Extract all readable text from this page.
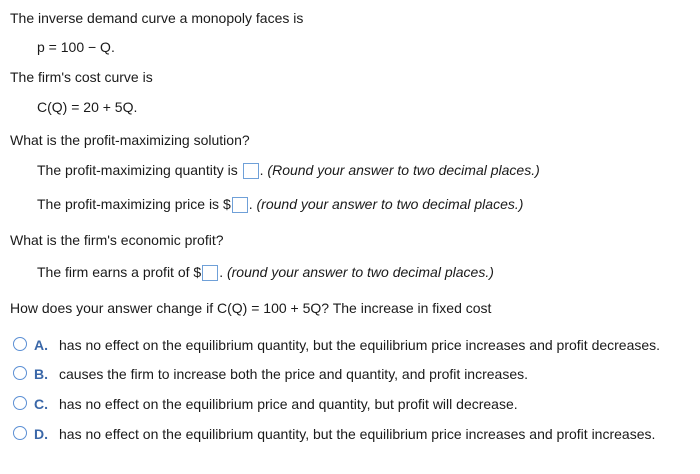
The inverse demand curve a monopoly faces is
p = 100 − Q.
The firm's cost curve is
C(Q) = 20 + 5Q.
What is the profit-maximizing solution?
The profit-maximizing quantity is . (Round your answer to two decimal places.)
The profit-maximizing price is $ . (round your answer to two decimal places.)
What is the firm's economic profit?
The firm earns a profit of $ . (round your answer to two decimal places.)
How does your answer change if C(Q) = 100 + 5Q? The increase in fixed cost
A. has no effect on the equilibrium quantity, but the equilibrium price increases and profit decreases.
B. causes the firm to increase both the price and quantity, and profit increases.
C. has no effect on the equilibrium price and quantity, but profit will decrease.
D. has no effect on the equilibrium quantity, but the equilibrium price increases and profit increases.
